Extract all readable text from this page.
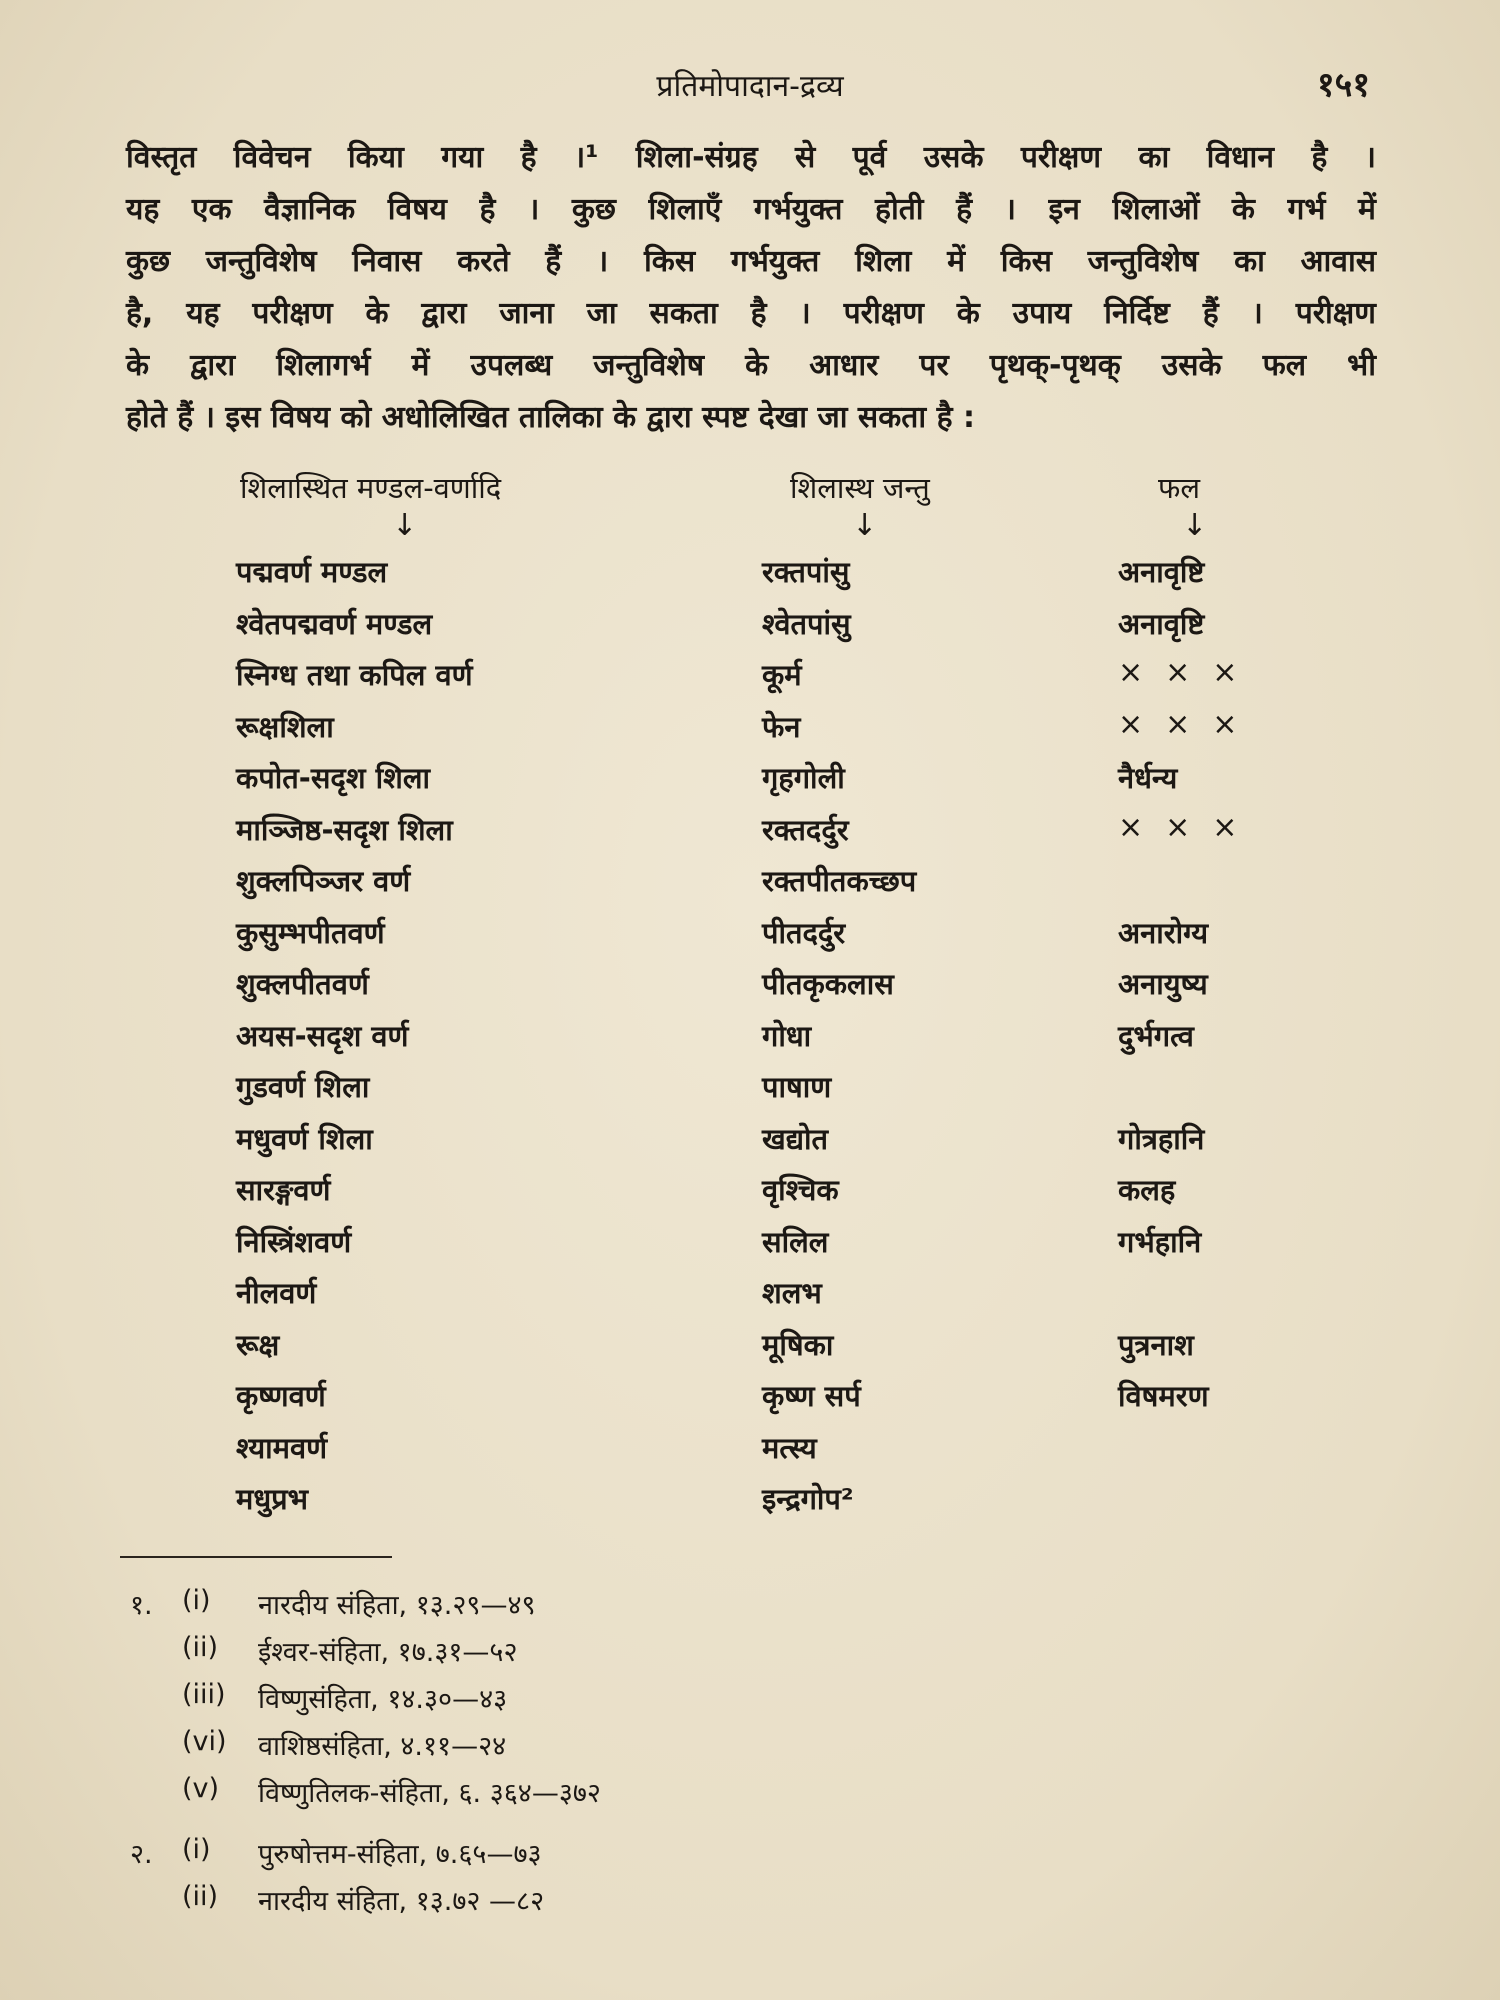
प्रतिमोपादान-द्रव्य	१५१
विस्तृत विवेचन किया गया है ।¹ शिला-संग्रह से पूर्व उसके परीक्षण का विधान है ।
यह एक वैज्ञानिक विषय है । कुछ शिलाएँ गर्भयुक्त होती हैं । इन शिलाओं के गर्भ में
कुछ जन्तुविशेष निवास करते हैं । किस गर्भयुक्त शिला में किस जन्तुविशेष का आवास
है, यह परीक्षण के द्वारा जाना जा सकता है । परीक्षण के उपाय निर्दिष्ट हैं । परीक्षण
के द्वारा शिलागर्भ में उपलब्ध जन्तुविशेष के आधार पर पृथक्-पृथक् उसके फल भी
होते हैं । इस विषय को अधोलिखित तालिका के द्वारा स्पष्ट देखा जा सकता है :
शिलास्थित मण्डल-वर्णादि	शिलास्थ जन्तु	फल
↓	↓	↓
पद्मवर्ण मण्डल	रक्तपांसु	अनावृष्टि
श्वेतपद्मवर्ण मण्डल	श्वेतपांसु	अनावृष्टि
स्निग्ध तथा कपिल वर्ण	कूर्म	×××
रूक्षशिला	फेन	×××
कपोत-सदृश शिला	गृहगोली	नैर्धन्य
माञ्जिष्ठ-सदृश शिला	रक्तदर्दुर	×××
शुक्लपिञ्जर वर्ण	रक्तपीतकच्छप
कुसुम्भपीतवर्ण	पीतदर्दुर	अनारोग्य
शुक्लपीतवर्ण	पीतकृकलास	अनायुष्य
अयस-सदृश वर्ण	गोधा	दुर्भगत्व
गुडवर्ण शिला	पाषाण
मधुवर्ण शिला	खद्योत	गोत्रहानि
सारङ्गवर्ण	वृश्चिक	कलह
निस्त्रिंशवर्ण	सलिल	गर्भहानि
नीलवर्ण	शलभ
रूक्ष	मूषिका	पुत्रनाश
कृष्णवर्ण	कृष्ण सर्प	विषमरण
श्यामवर्ण	मत्स्य
मधुप्रभ	इन्द्रगोप²
१. (i) नारदीय संहिता, १३.२९—४९
(ii) ईश्वर-संहिता, १७.३१—५२
(iii) विष्णुसंहिता, १४.३०—४३
(vi) वाशिष्ठसंहिता, ४.११—२४
(v) विष्णुतिलक-संहिता, ६. ३६४—३७२
२. (i) पुरुषोत्तम-संहिता, ७.६५—७३
(ii) नारदीय संहिता, १३.७२ —८२
